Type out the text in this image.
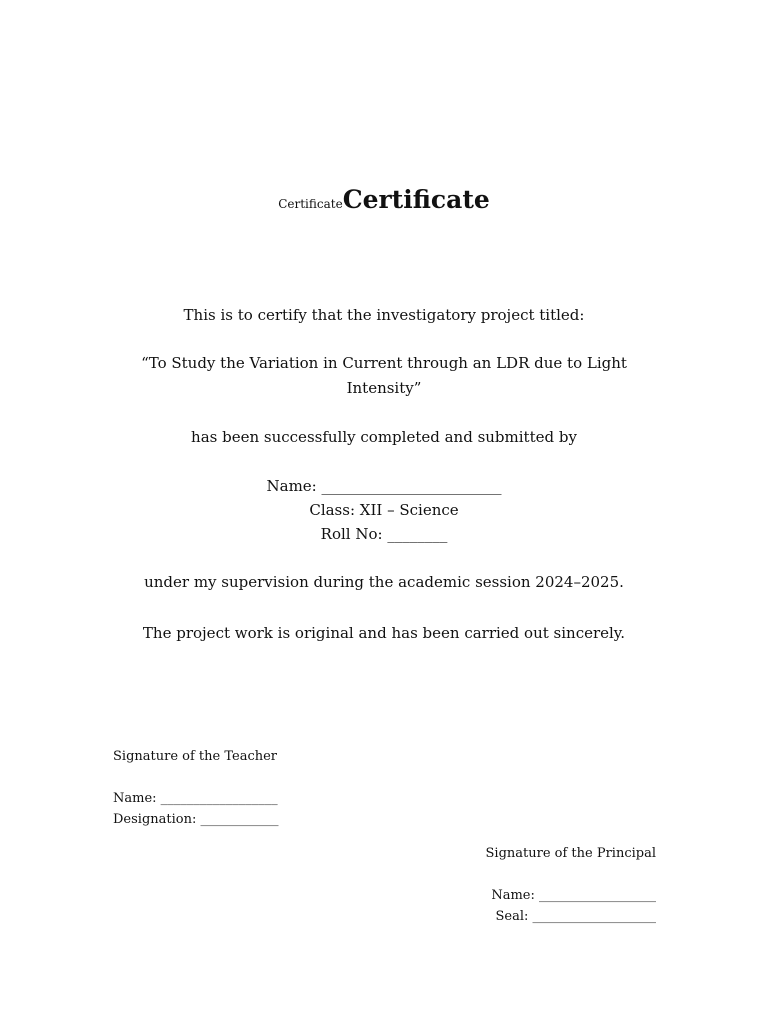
CertificateCertificate
This is to certify that the investigatory project titled:
“To Study the Variation in Current through an LDR due to Light Intensity”
has been successfully completed and submitted by
Name: ________________________
Class: XII – Science
Roll No: ________
under my supervision during the academic session 2024–2025.
The project work is original and has been carried out sincerely.
Signature of the Teacher
Name: __________________
Designation: ____________
Signature of the Principal
Name: __________________
Seal: ___________________
